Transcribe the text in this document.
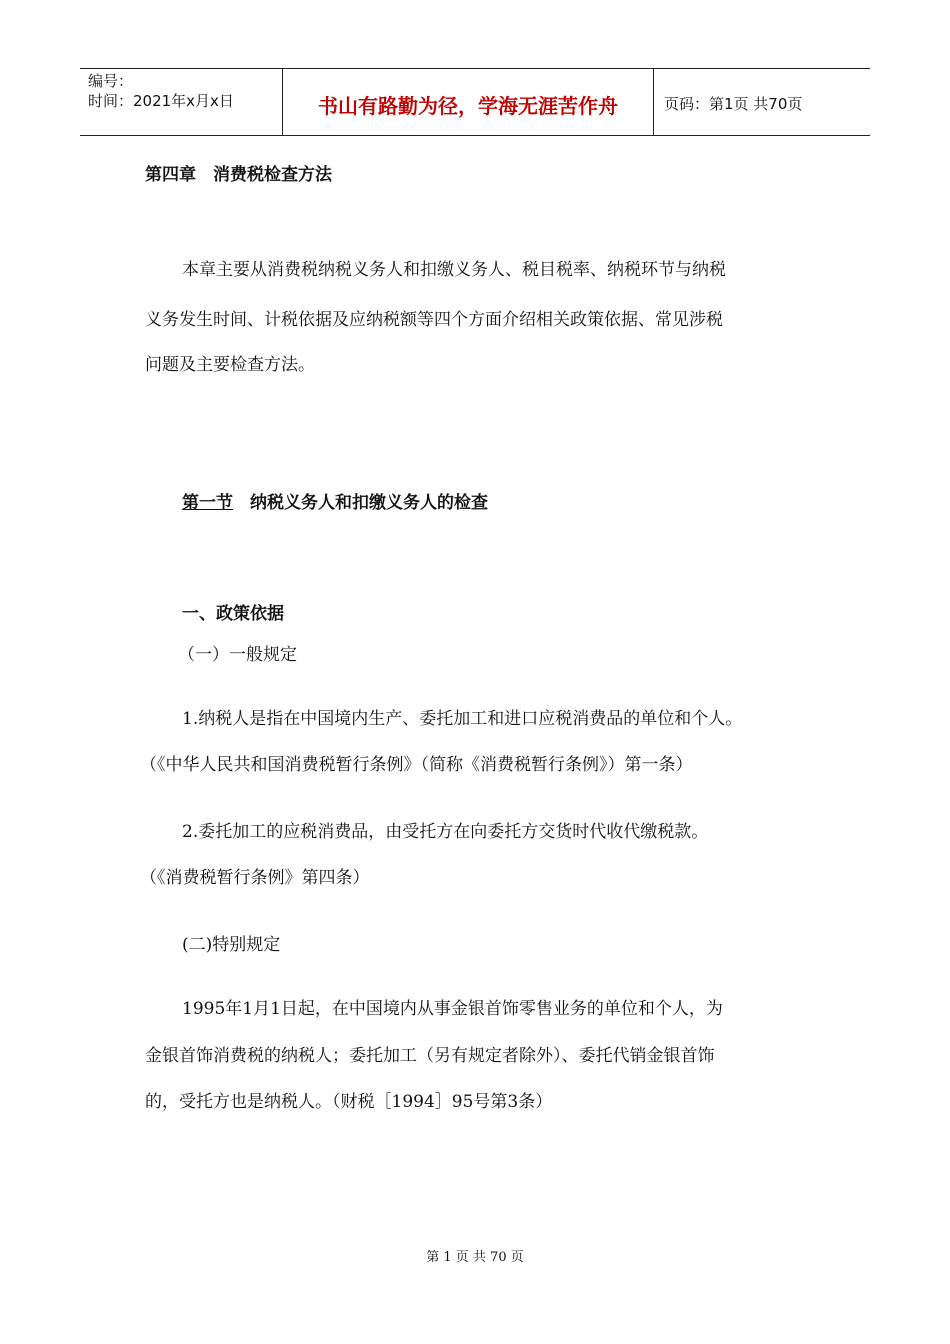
编号：
时间：2021年x月x日	书山有路勤为径，学海无涯苦作舟	页码：第1页 共70页
第四章　消费税检查方法
本章主要从消费税纳税义务人和扣缴义务人、税目税率、纳税环节与纳税
义务发生时间、计税依据及应纳税额等四个方面介绍相关政策依据、常见涉税
问题及主要检查方法。
第一节　纳税义务人和扣缴义务人的检查
一、政策依据
（一）一般规定
1.纳税人是指在中国境内生产、委托加工和进口应税消费品的单位和个人。
（《中华人民共和国消费税暂行条例》（简称《消费税暂行条例》）第一条）
2.委托加工的应税消费品，由受托方在向委托方交货时代收代缴税款。
（《消费税暂行条例》第四条）
(二)特别规定
1995年1月1日起，在中国境内从事金银首饰零售业务的单位和个人，为
金银首饰消费税的纳税人；委托加工（另有规定者除外）、委托代销金银首饰
的，受托方也是纳税人。（财税［1994］95号第3条）
第 1 页 共 70 页
